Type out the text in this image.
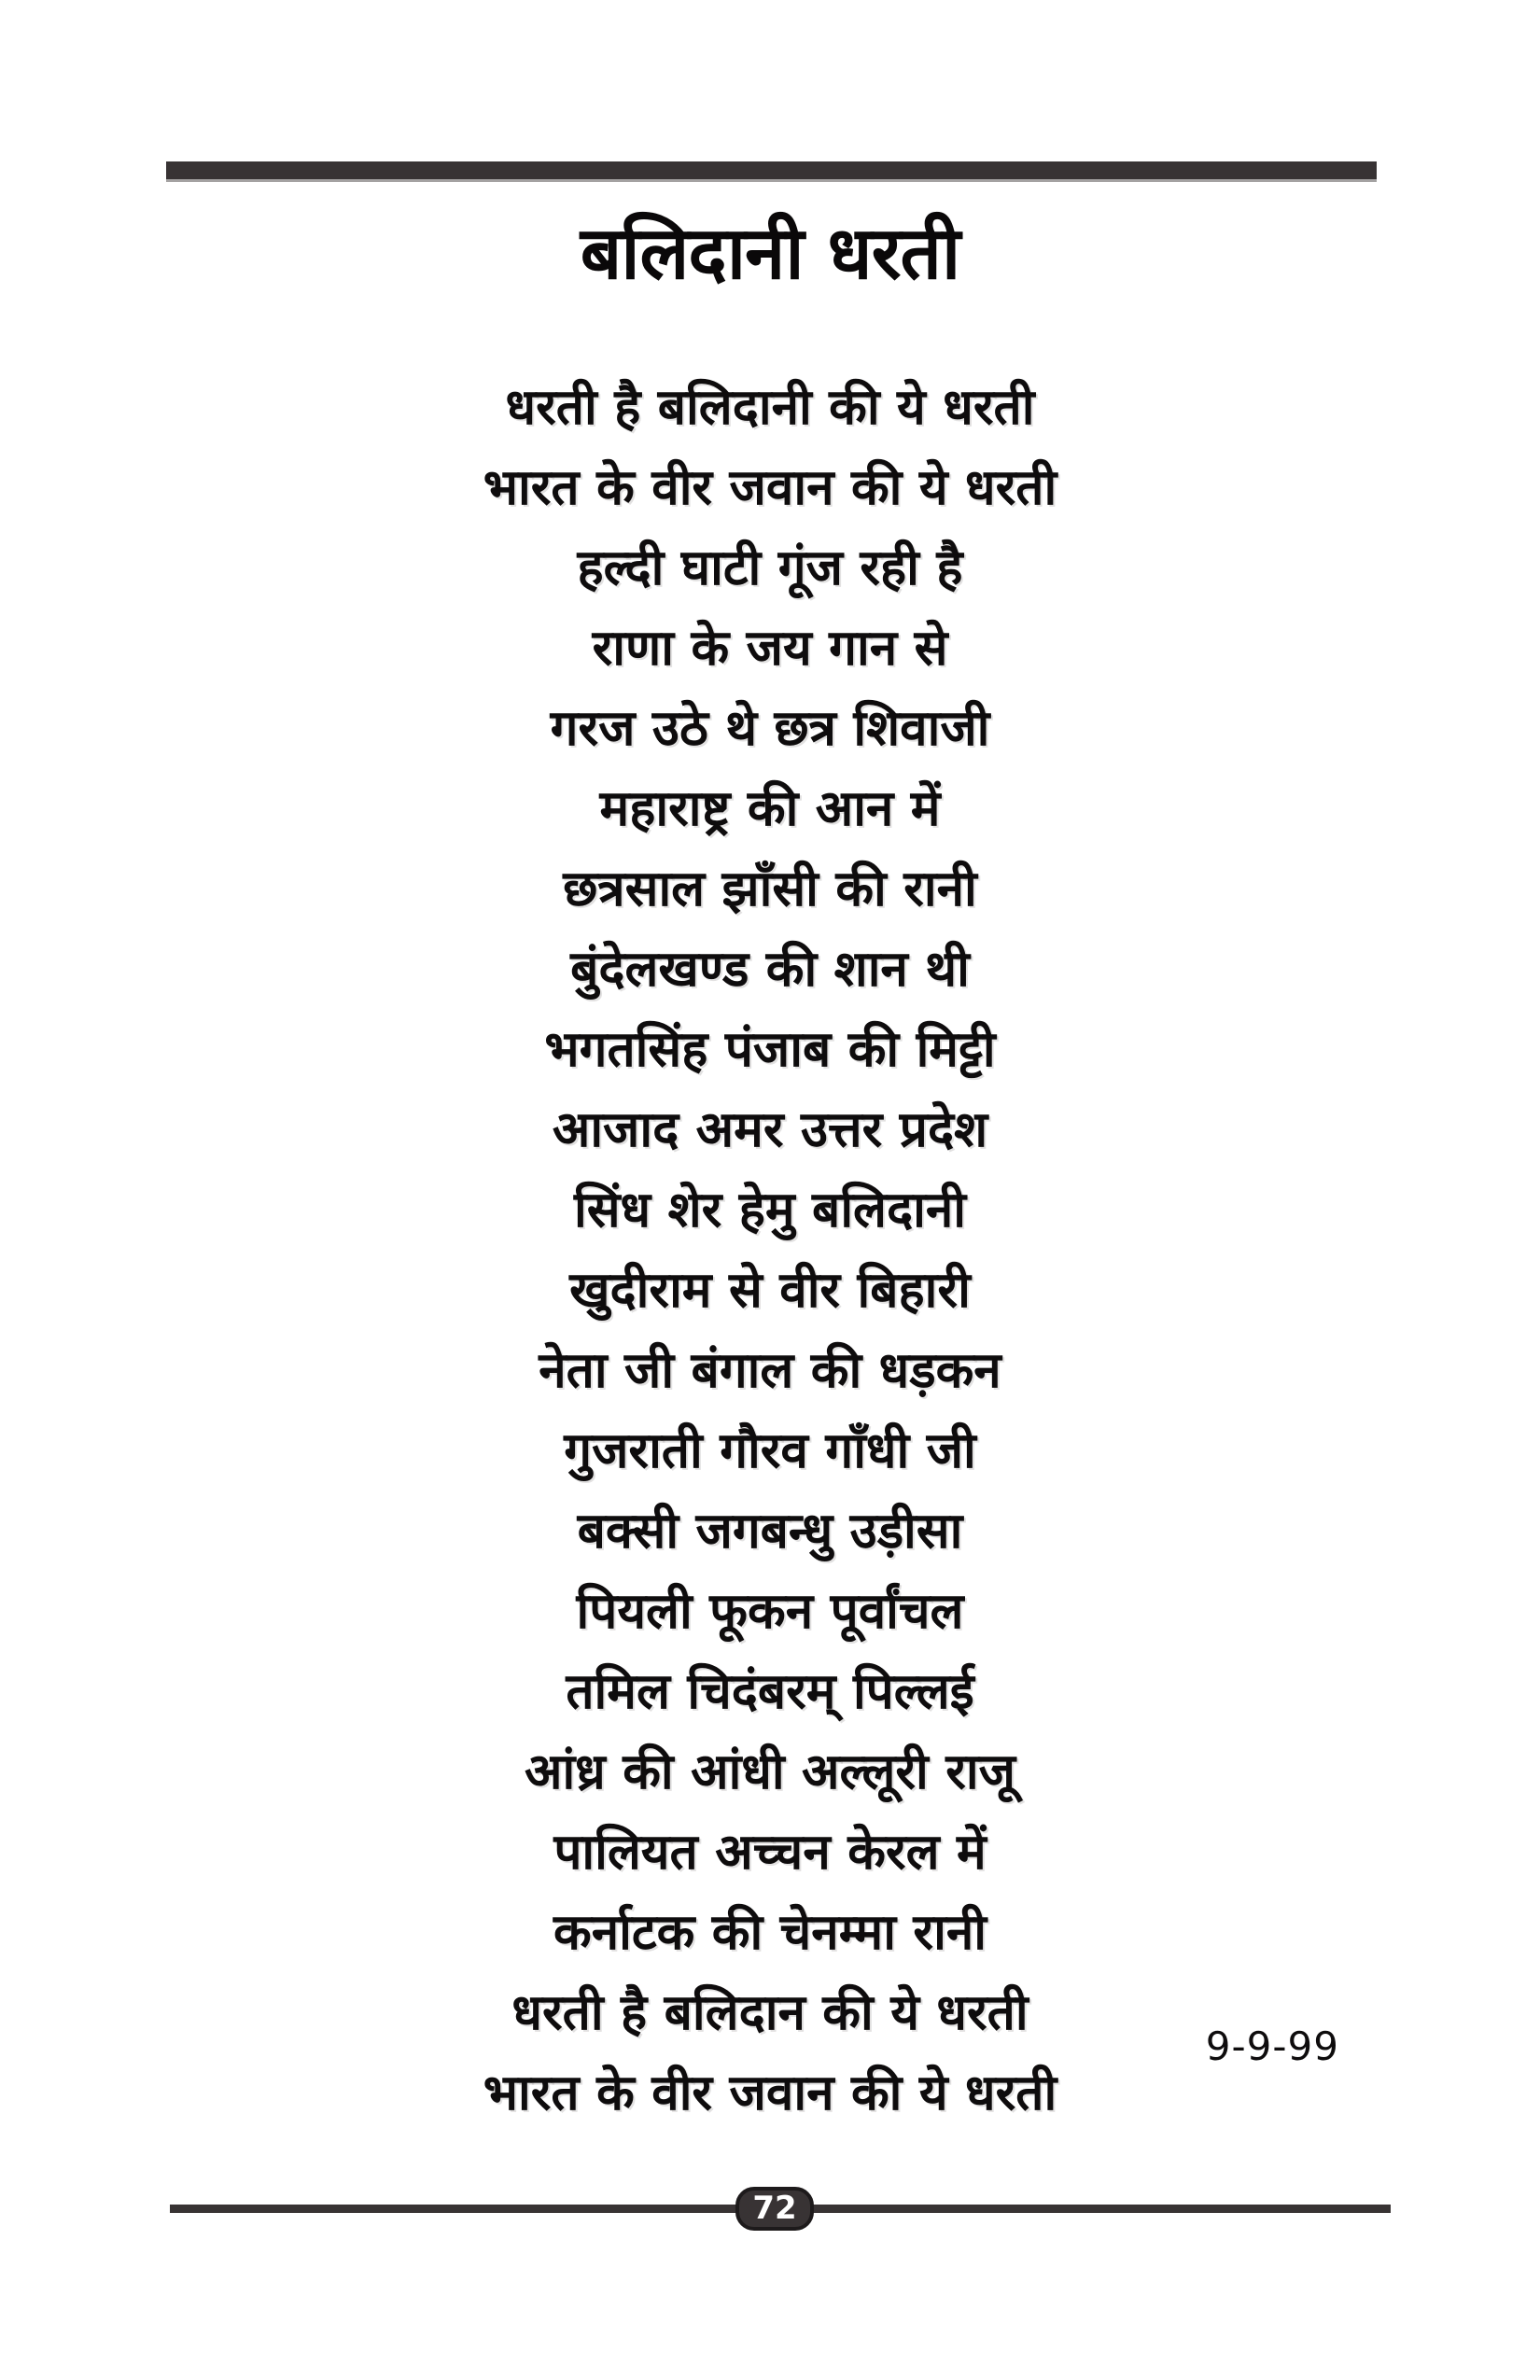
बलिदानी धरती
धरती है बलिदानी की ये धरती
भारत के वीर जवान की ये धरती
हल्दी घाटी गूंज रही है
राणा के जय गान से
गरज उठे थे छत्र शिवाजी
महाराष्ट्र की आन में
छत्रसाल झाँसी की रानी
बुंदेलखण्ड की शान थी
भगतसिंह पंजाब की मिट्टी
आजाद अमर उत्तर प्रदेश
सिंध शेर हेमु बलिदानी
खुदीराम से वीर बिहारी
नेता जी बंगाल की धड़कन
गुजराती गौरव गाँधी जी
बक्सी जगबन्धु उड़ीसा
पियली फूकन पूर्वांचल
तमिल चिदंबरम् पिल्लई
आंध्र की आंधी अल्लूरी राजू
पालियत अच्चन केरल में
कर्नाटक की चेनम्मा रानी
धरती है बलिदान की ये धरती
भारत के वीर जवान की ये धरती
9-9-99
72
